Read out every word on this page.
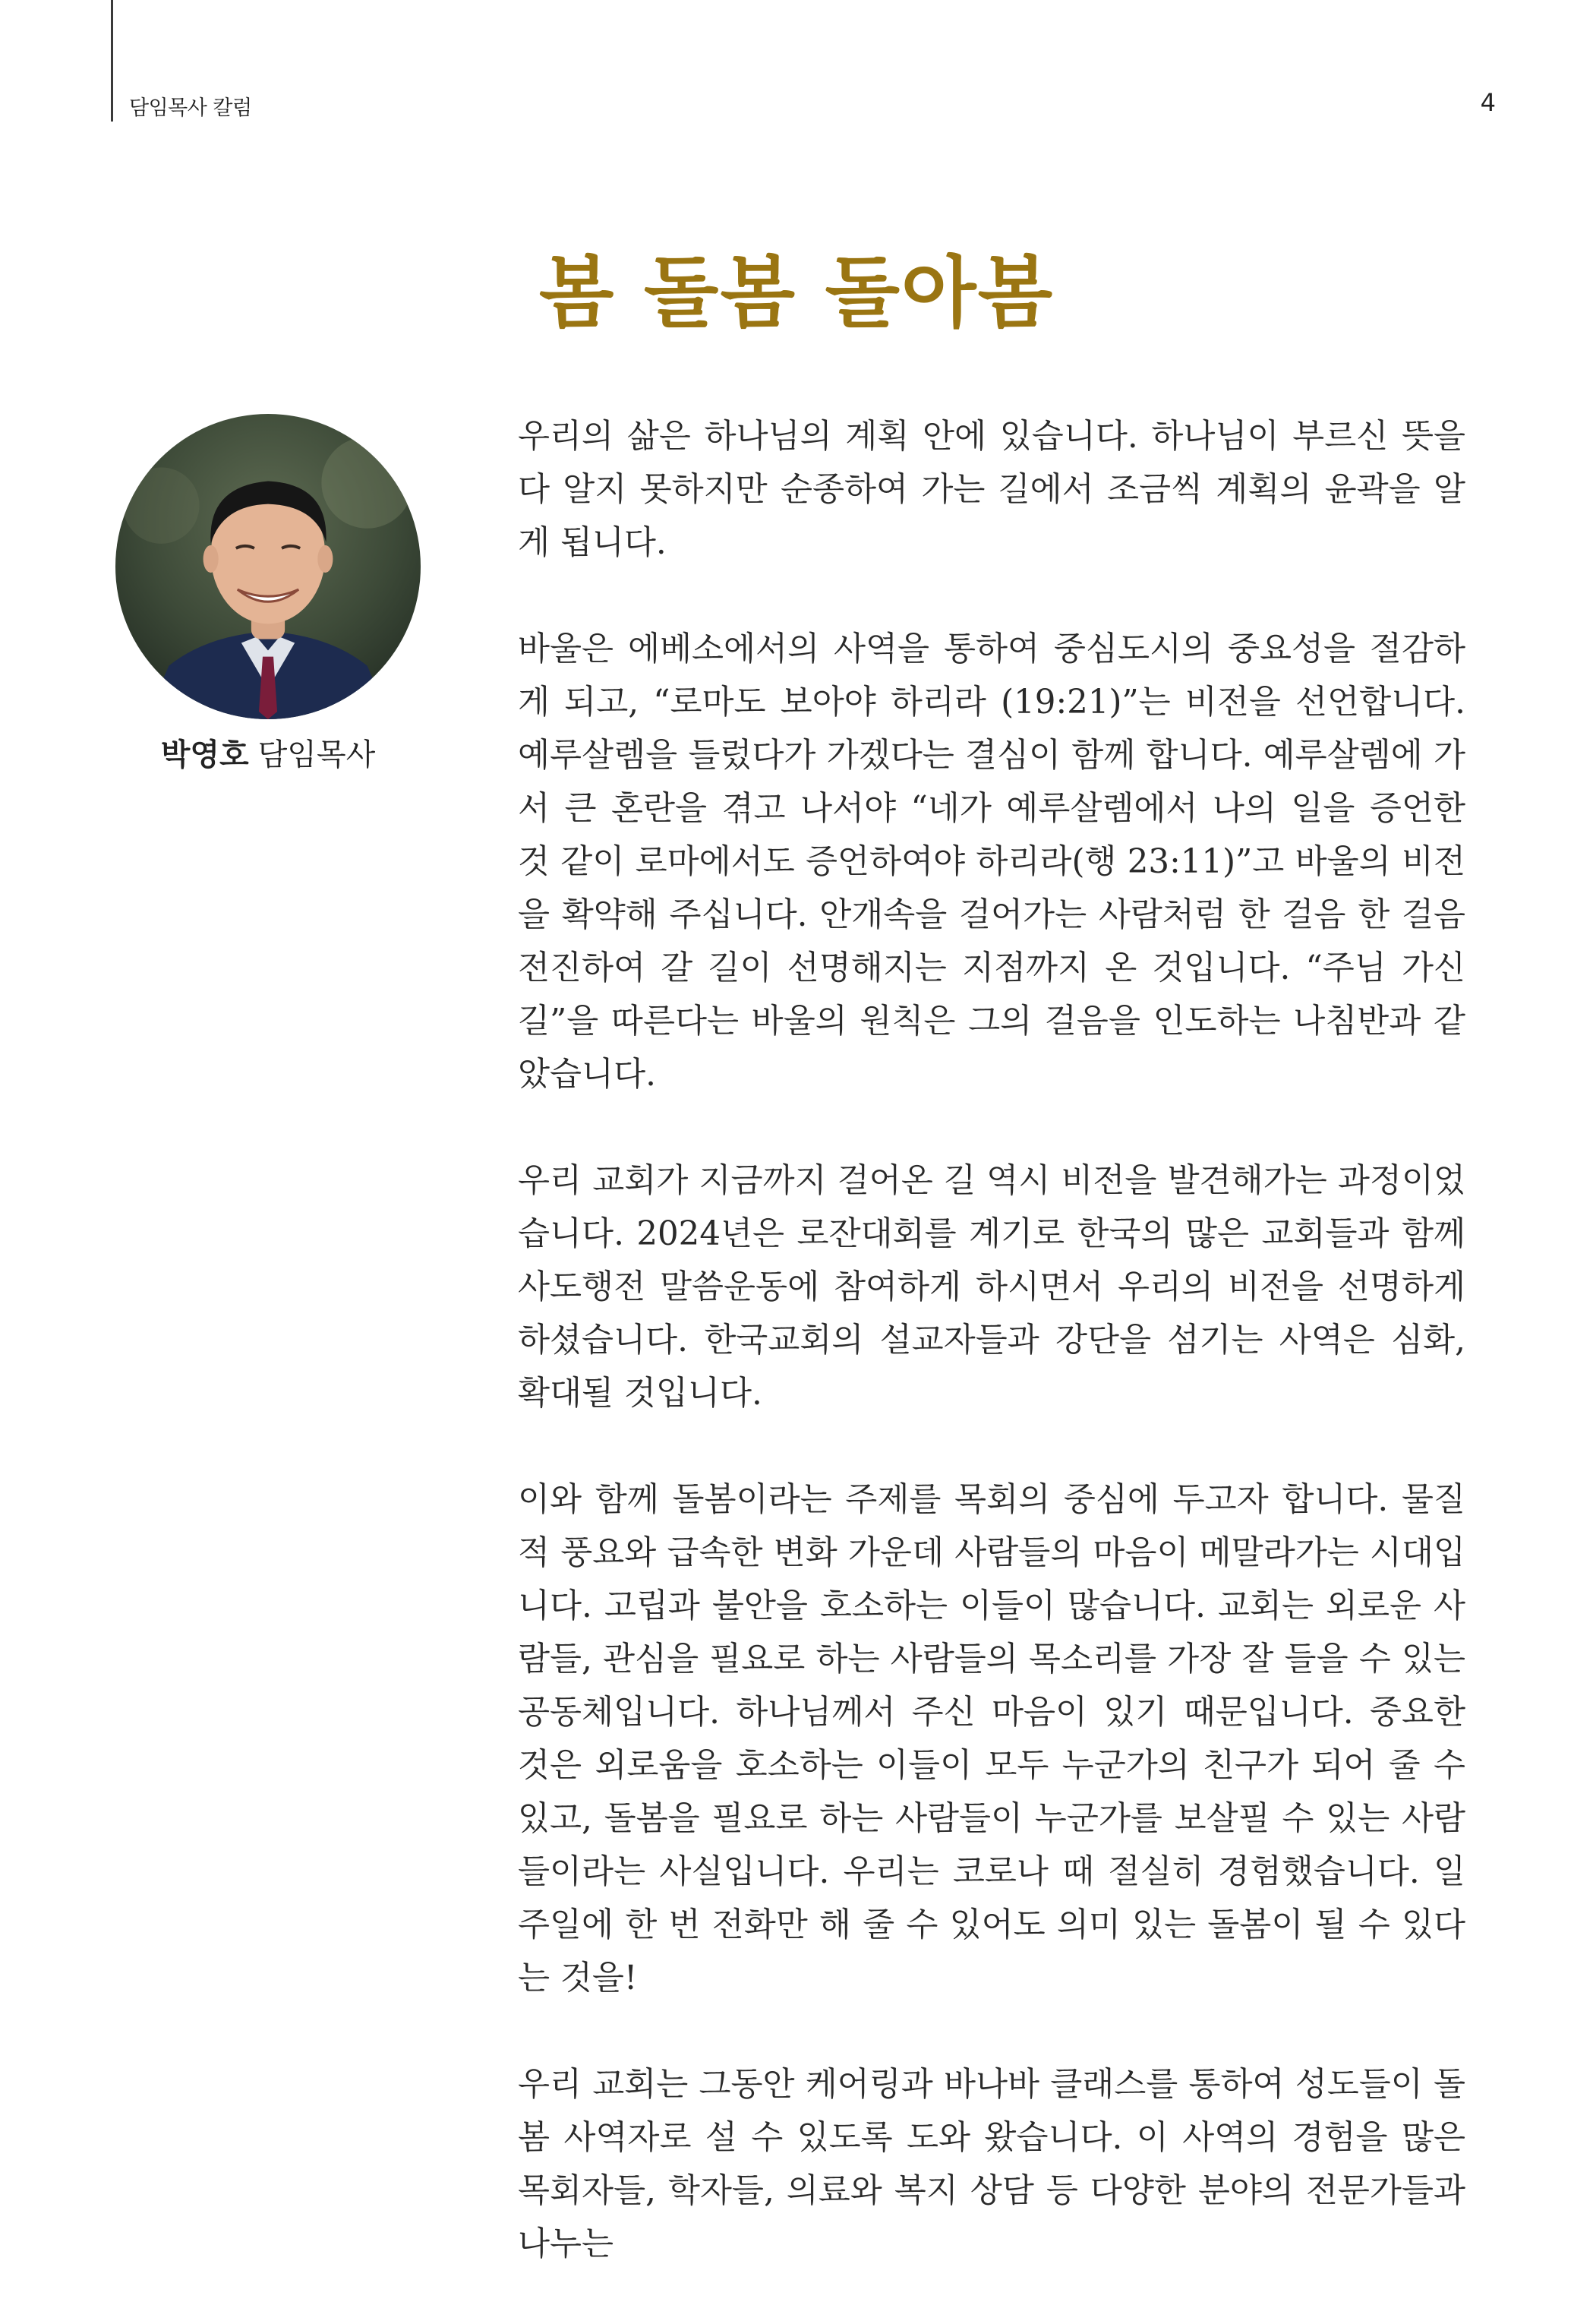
담임목사 칼럼	4
봄 돌봄 돌아봄
박영호 담임목사

우리의 삶은 하나님의 계획 안에 있습니다. 하나님이 부르신 뜻을 다 알지 못하지만 순종하여 가는 길에서 조금씩 계획의 윤곽을 알게 됩니다.

바울은 에베소에서의 사역을 통하여 중심도시의 중요성을 절감하게 되고, “로마도 보아야 하리라 (19:21)”는 비전을 선언합니다. 예루살렘을 들렀다가 가겠다는 결심이 함께 합니다. 예루살렘에 가서 큰 혼란을 겪고 나서야 “네가 예루살렘에서 나의 일을 증언한 것 같이 로마에서도 증언하여야 하리라(행 23:11)”고 바울의 비전을 확약해 주십니다. 안개속을 걸어가는 사람처럼 한 걸음 한 걸음 전진하여 갈 길이 선명해지는 지점까지 온 것입니다. “주님 가신 길”을 따른다는 바울의 원칙은 그의 걸음을 인도하는 나침반과 같았습니다.

우리 교회가 지금까지 걸어온 길 역시 비전을 발견해가는 과정이었습니다. 2024년은 로잔대회를 계기로 한국의 많은 교회들과 함께 사도행전 말씀운동에 참여하게 하시면서 우리의 비전을 선명하게 하셨습니다. 한국교회의 설교자들과 강단을 섬기는 사역은 심화, 확대될 것입니다.

이와 함께 돌봄이라는 주제를 목회의 중심에 두고자 합니다. 물질적 풍요와 급속한 변화 가운데 사람들의 마음이 메말라가는 시대입니다. 고립과 불안을 호소하는 이들이 많습니다. 교회는 외로운 사람들, 관심을 필요로 하는 사람들의 목소리를 가장 잘 들을 수 있는 공동체입니다. 하나님께서 주신 마음이 있기 때문입니다. 중요한 것은 외로움을 호소하는 이들이 모두 누군가의 친구가 되어 줄 수 있고, 돌봄을 필요로 하는 사람들이 누군가를 보살필 수 있는 사람들이라는 사실입니다. 우리는 코로나 때 절실히 경험했습니다. 일주일에 한 번 전화만 해 줄 수 있어도 의미 있는 돌봄이 될 수 있다는 것을!

우리 교회는 그동안 케어링과 바나바 클래스를 통하여 성도들이 돌봄 사역자로 설 수 있도록 도와 왔습니다. 이 사역의 경험을 많은 목회자들, 학자들, 의료와 복지 상담 등 다양한 분야의 전문가들과 나누는
